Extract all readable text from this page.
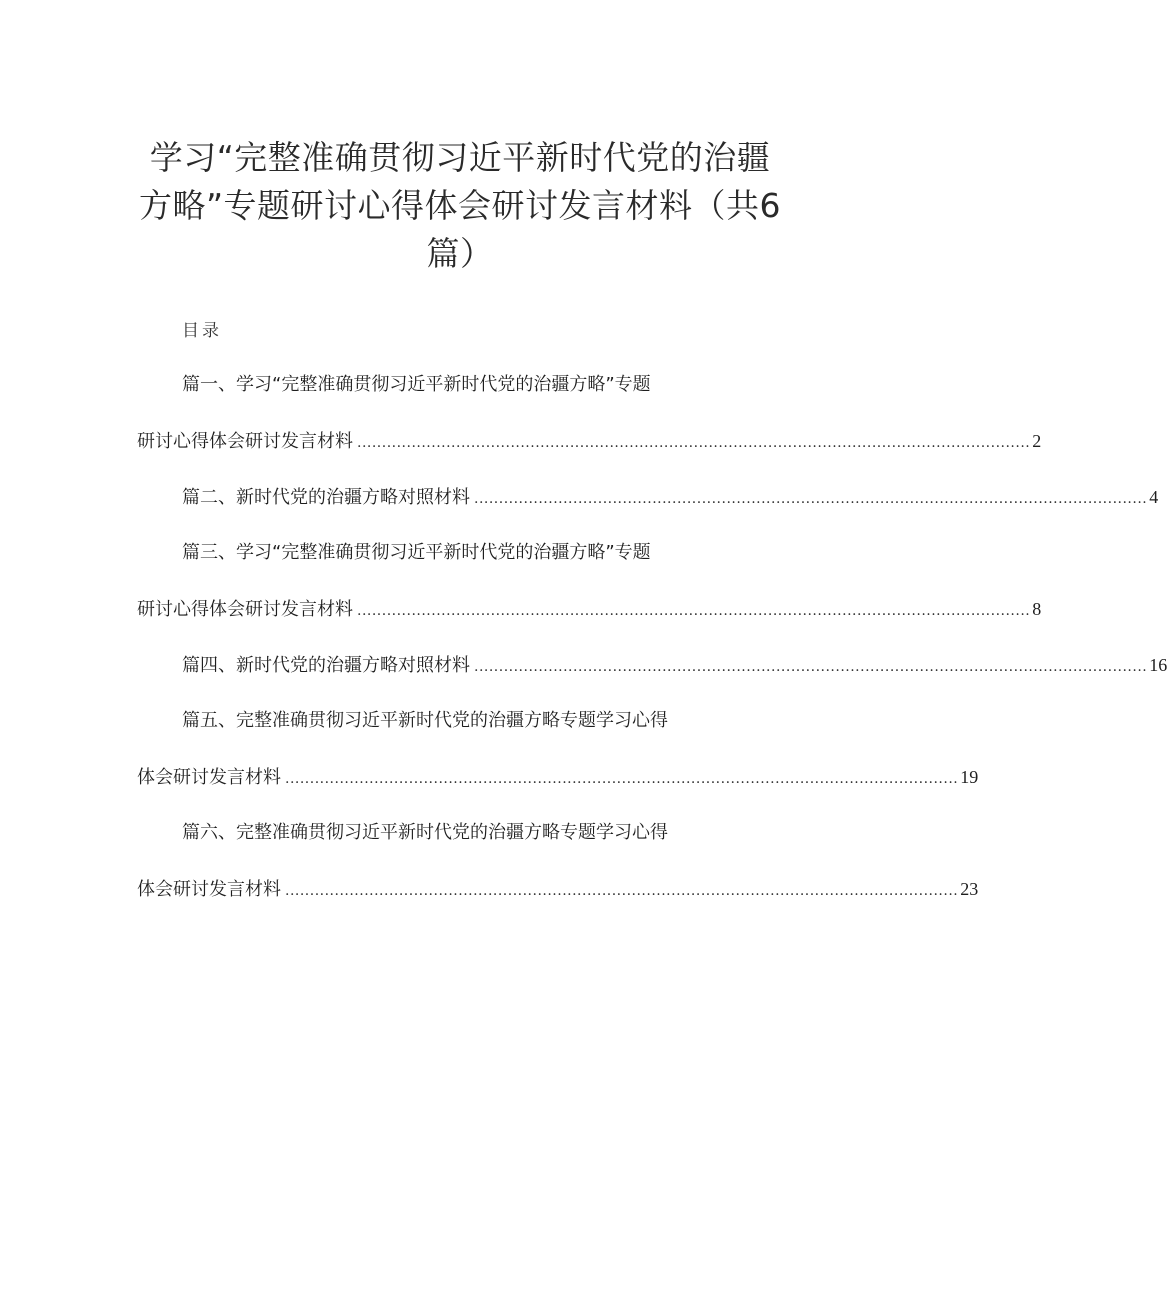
学习“完整准确贯彻习近平新时代党的治疆
方略”专题研讨心得体会研讨发言材料（共6
篇）
目录
篇一、学习“完整准确贯彻习近平新时代党的治疆方略”专题
研讨心得体会研讨发言材料 ........................................................................................................................................ 2
篇二、新时代党的治疆方略对照材料 ........................................................................................................................................ 4
篇三、学习“完整准确贯彻习近平新时代党的治疆方略”专题
研讨心得体会研讨发言材料 ........................................................................................................................................ 8
篇四、新时代党的治疆方略对照材料 ........................................................................................................................................ 16
篇五、完整准确贯彻习近平新时代党的治疆方略专题学习心得
体会研讨发言材料 ........................................................................................................................................ 19
篇六、完整准确贯彻习近平新时代党的治疆方略专题学习心得
体会研讨发言材料 ........................................................................................................................................ 23
